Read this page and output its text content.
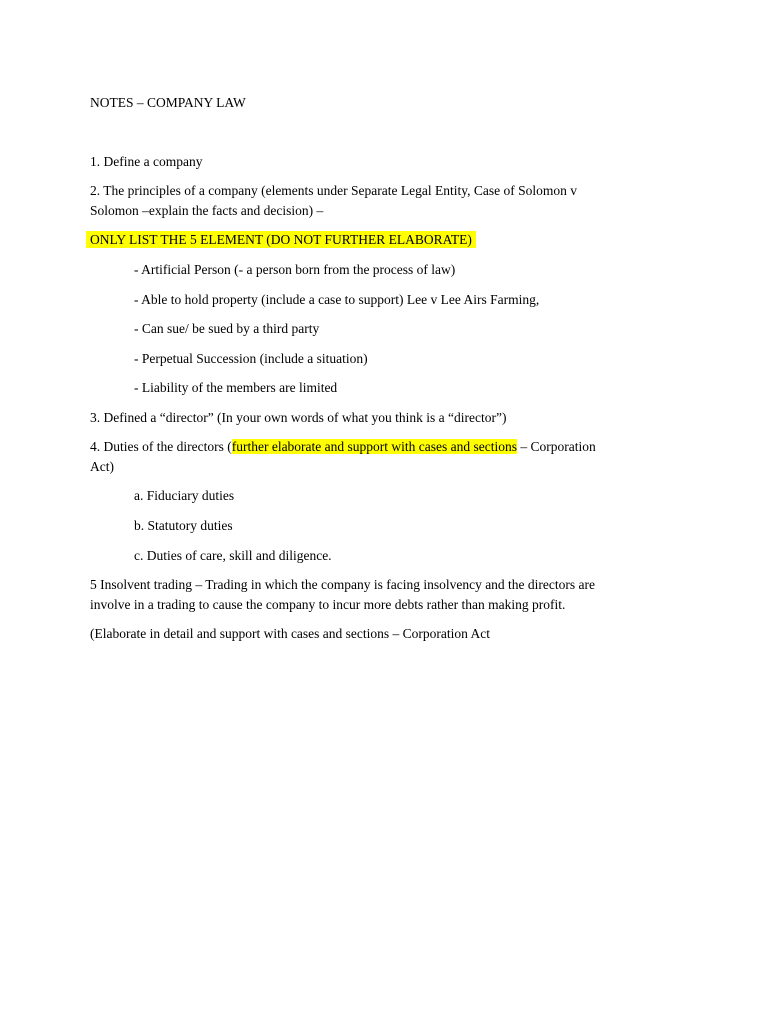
NOTES – COMPANY LAW
1. Define a company
2. The principles of a company (elements under Separate Legal Entity, Case of Solomon v
Solomon –explain the facts and decision) –
ONLY LIST THE 5 ELEMENT (DO NOT FURTHER ELABORATE)
- Artificial Person (- a person born from the process of law)
- Able to hold property (include a case to support) Lee v Lee Airs Farming,
- Can sue/ be sued by a third party
- Perpetual Succession (include a situation)
- Liability of the members are limited
3. Defined a “director” (In your own words of what you think is a “director”)
4. Duties of the directors (further elaborate and support with cases and sections – Corporation
Act)
a. Fiduciary duties
b. Statutory duties
c. Duties of care, skill and diligence.
5 Insolvent trading – Trading in which the company is facing insolvency and the directors are
involve in a trading to cause the company to incur more debts rather than making profit.
(Elaborate in detail and support with cases and sections – Corporation Act
